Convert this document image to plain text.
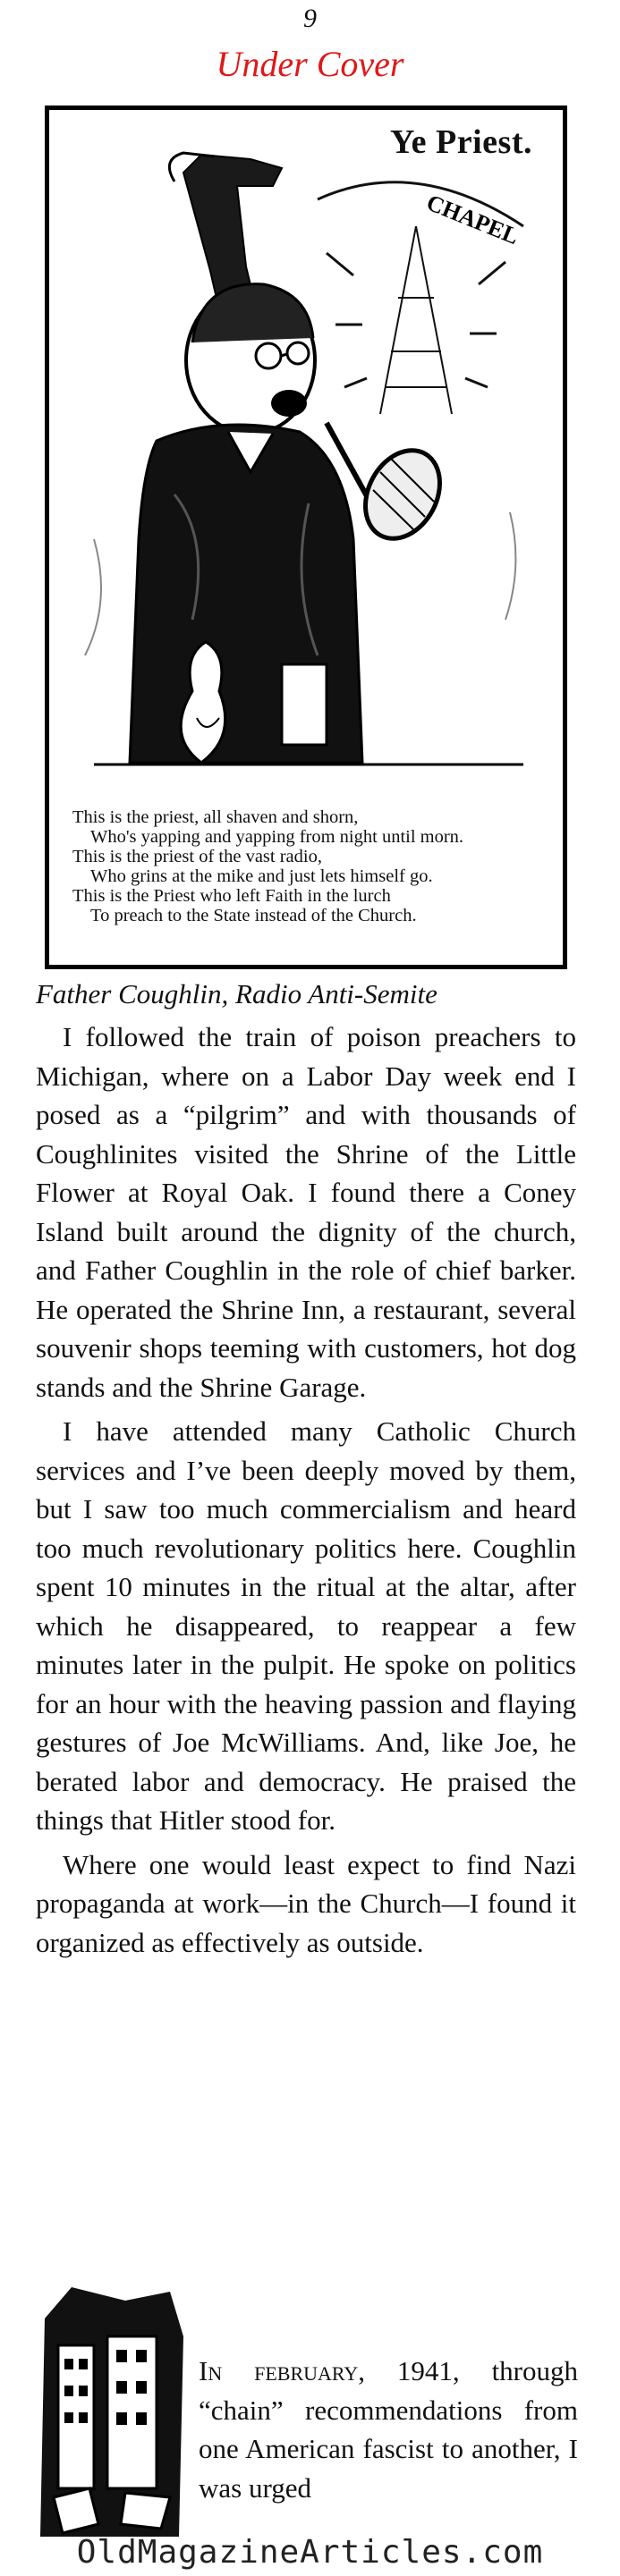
9
Under Cover
CHAPEL
Ye Priest.
This is the priest, all shaven and shorn,
Who's yapping and yapping from night until morn.
This is the priest of the vast radio,
Who grins at the mike and just lets himself go.
This is the Priest who left Faith in the lurch
To preach to the State instead of the Church.
Father Coughlin, Radio Anti-Semite

I followed the train of poison preachers to Michigan, where on a Labor Day week end I posed as a “pilgrim” and with thousands of Coughlinites visited the Shrine of the Little Flower at Royal Oak. I found there a Coney Island built around the dignity of the church, and Father Coughlin in the role of chief barker. He operated the Shrine Inn, a restaurant, several souvenir shops teeming with customers, hot dog stands and the Shrine Garage.

I have attended many Catholic Church services and I’ve been deeply moved by them, but I saw too much commercialism and heard too much revolutionary politics here. Coughlin spent 10 minutes in the ritual at the altar, after which he disappeared, to reappear a few minutes later in the pulpit. He spoke on politics for an hour with the heaving passion and flaying gestures of Joe McWilliams. And, like Joe, he berated labor and democracy. He praised the things that Hitler stood for.

Where one would least expect to find Nazi propaganda at work—in the Church—I found it organized as effectively as outside.

In february, 1941, through “chain” recommendations from one American fascist to another, I was urged

OldMagazineArticles.com
